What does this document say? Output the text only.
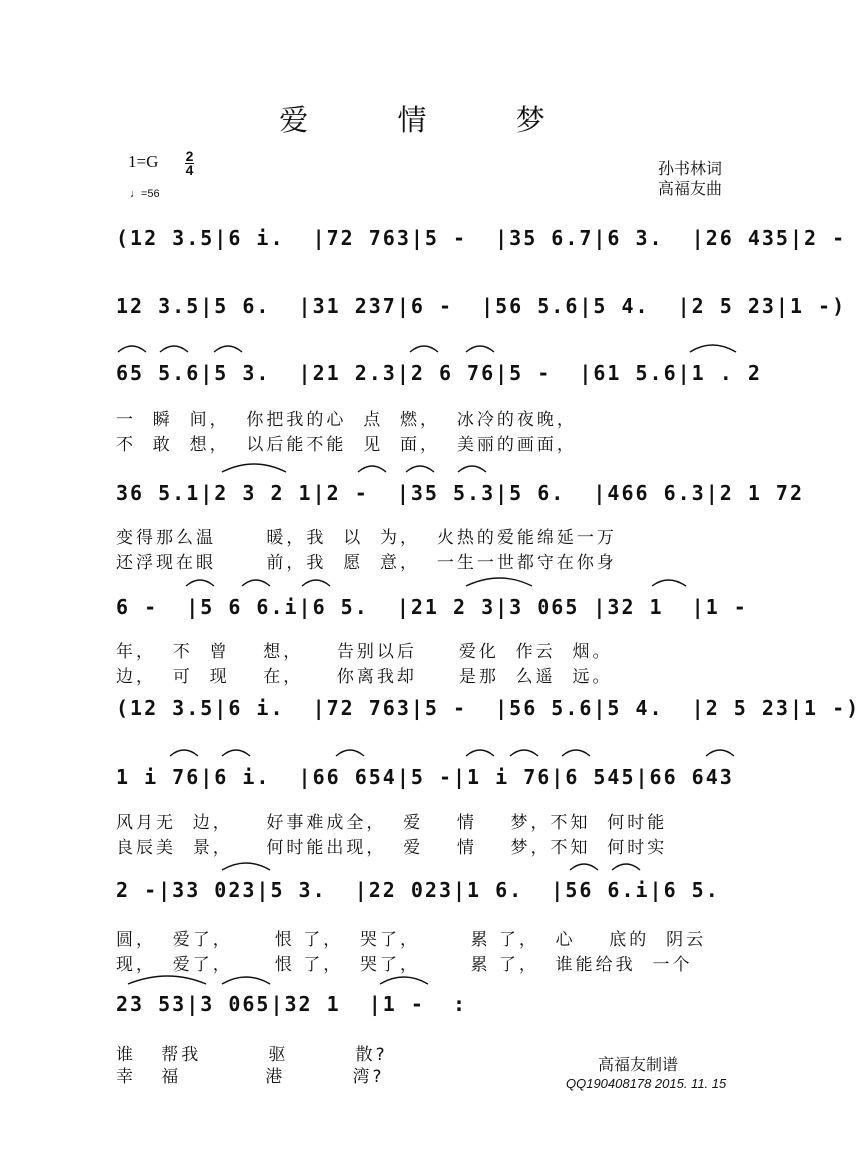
爱 情 梦
1=G 2
4
♩=56
孙书林词
高福友曲
(12 3.5|6 i.  |72 763|5 -  |35 6.7|6 3.  |26 435|2 -
12 3.5|5 6.  |31 237|6 -  |56 5.6|5 4.  |2 5 23|1 -)
65 5.6|5 3.  |21 2.3|2 6 76|5 -  |61 5.6|1 . 2
36 5.1|2 3 2 1|2 -  |35 5.3|5 6.  |466 6.3|2 1 72
6 -  |5 6 6.i|6 5.  |21 2 3|3 065 |32 1  |1 -
(12 3.5|6 i.  |72 763|5 -  |56 5.6|5 4.  |2 5 23|1 -)
1 i 76|6 i.  |66 654|5 -|1 i 76|6 545|66 643
2 -|33 023|5 3.  |22 023|1 6.  |56 6.i|6 5.
23 53|3 065|32 1  |1 -  :
一  瞬  间，  你把我的心  点  燃，  冰冷的夜晚，
不  敢  想，  以后能不能  见  面，  美丽的画面，
变得那么温      暖，我  以  为，  火热的爱能绵延一万
还浮现在眼      前，我  愿  意，  一生一世都守在你身
年，  不  曾    想，    告别以后     爱化  作云  烟。
边，  可  现    在，    你离我却     是那  么遥  远。
风月无  边，    好事难成全，  爱    情    梦，不知  何时能
良辰美  景，    何时能出现，  爱    情    梦，不知  何时实
圆，  爱了，     恨 了，  哭了，      累 了，  心    底的  阴云
现，  爱了，     恨 了，  哭了，      累 了，  谁能给我  一个
谁   帮我        驱        散?
幸   福          港        湾?
高福友制谱
QQ190408178 2015. 11. 15
